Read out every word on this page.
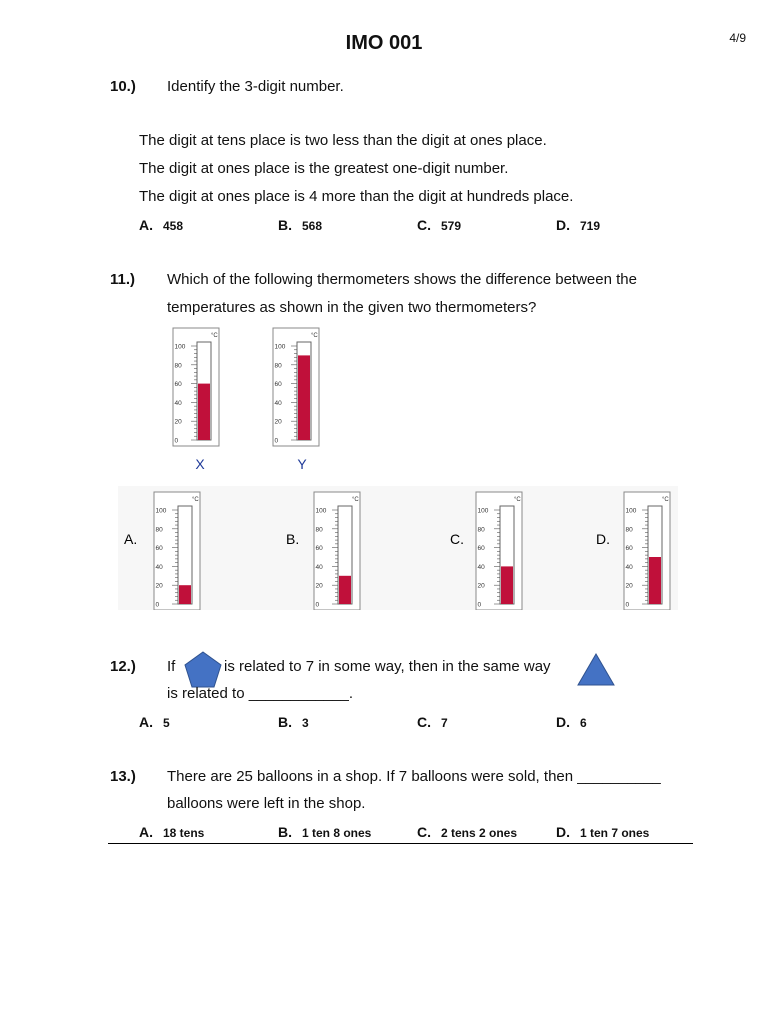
IMO 001	4/9
10.) Identify the 3-digit number.
The digit at tens place is two less than the digit at ones place.
The digit at ones place is the greatest one-digit number.
The digit at ones place is 4 more than the digit at hundreds place.
A. 458	B. 568	C. 579	D. 719
11.) Which of the following thermometers shows the difference between the
temperatures as shown in the given two thermometers?
°C
100
80
60
40
20
0
°C
100
80
60
40
20
0
X	Y
A.
°C
100
80
60
40
20
0
B.
°C
100
80
60
40
20
0
C.
°C
100
80
60
40
20
0
D.
°C
100
80
60
40
20
0
12.) If	is related to 7 in some way, then in the same way
is related to ____________.
A. 5	B. 3	C. 7	D. 6
13.) There are 25 balloons in a shop. If 7 balloons were sold, then __________
balloons were left in the shop.
A. 18 tens	B. 1 ten 8 ones	C. 2 tens 2 ones	D. 1 ten 7 ones
